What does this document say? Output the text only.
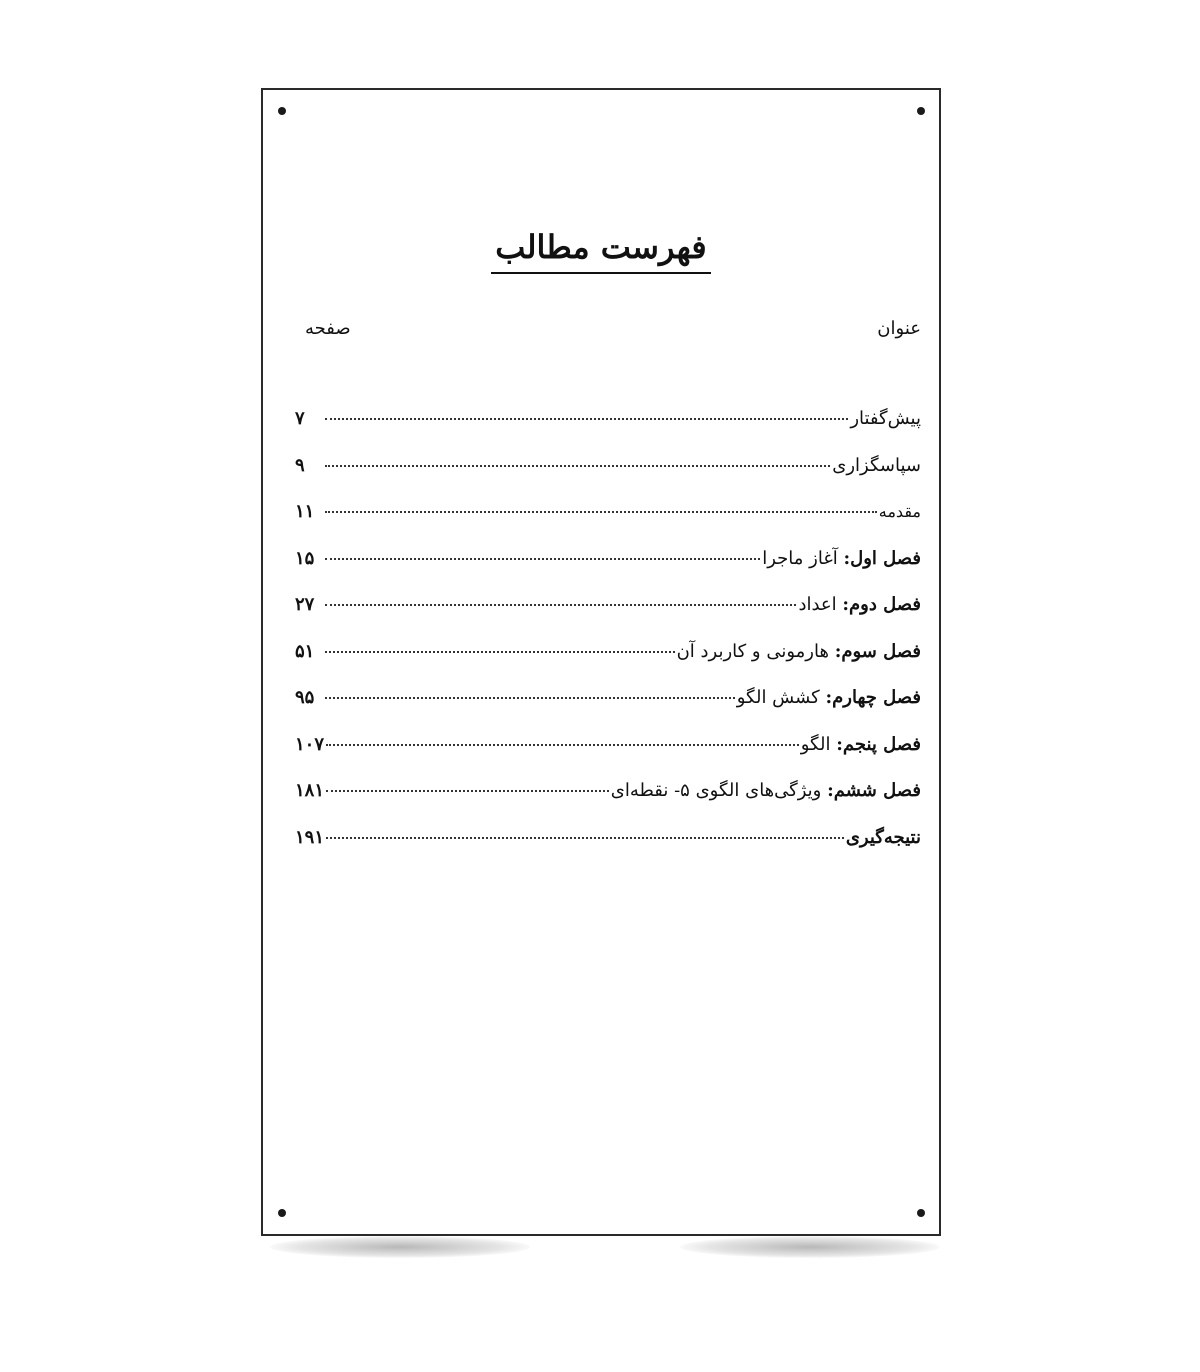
فهرست مطالب
عنوان
صفحه
پیش‌گفتار
۷
سپاسگزاری
۹
مقدمه
۱۱
فصل اول: آغاز ماجرا
۱۵
فصل دوم: اعداد
۲۷
فصل سوم: هارمونی و کاربرد آن
۵۱
فصل چهارم: کشش الگو
۹۵
فصل پنجم: الگو
۱۰۷
فصل ششم: ویژگی‌های الگوی ۵- نقطه‌ای
۱۸۱
نتیجه‌گیری
۱۹۱
